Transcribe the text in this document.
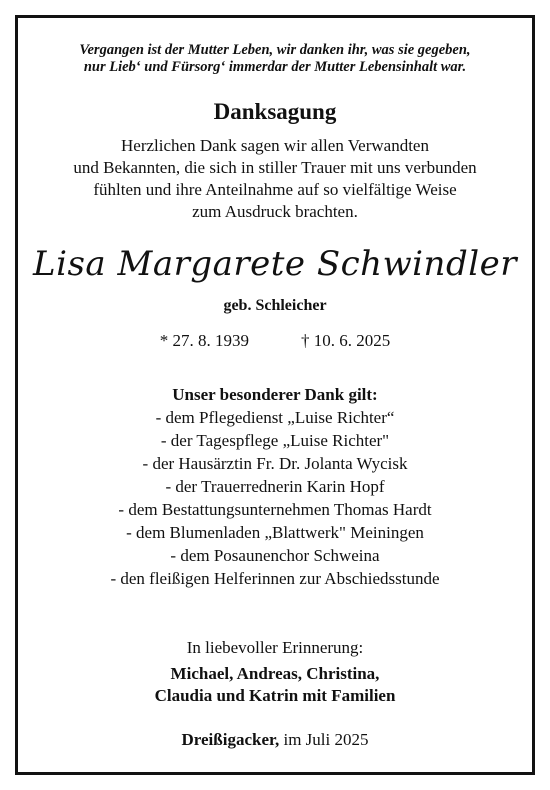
Vergangen ist der Mutter Leben, wir danken ihr, was sie gegeben,
nur Lieb‘ und Fürsorg‘ immerdar der Mutter Lebensinhalt war.
Danksagung
Herzlichen Dank sagen wir allen Verwandten
und Bekannten, die sich in stiller Trauer mit uns verbunden
fühlten und ihre Anteilnahme auf so vielfältige Weise
zum Ausdruck brachten.
Lisa Margarete Schwindler
geb. Schleicher
* 27. 8. 1939	† 10. 6. 2025
Unser besonderer Dank gilt:
- dem Pflegedienst „Luise Richter“
- der Tagespflege „Luise Richter"
- der Hausärztin Fr. Dr. Jolanta Wycisk
- der Trauerrednerin Karin Hopf
- dem Bestattungsunternehmen Thomas Hardt
- dem Blumenladen „Blattwerk" Meiningen
- dem Posaunenchor Schweina
- den fleißigen Helferinnen zur Abschiedsstunde
In liebevoller Erinnerung:
Michael, Andreas, Christina,
Claudia und Katrin mit Familien
Dreißigacker, im Juli 2025
